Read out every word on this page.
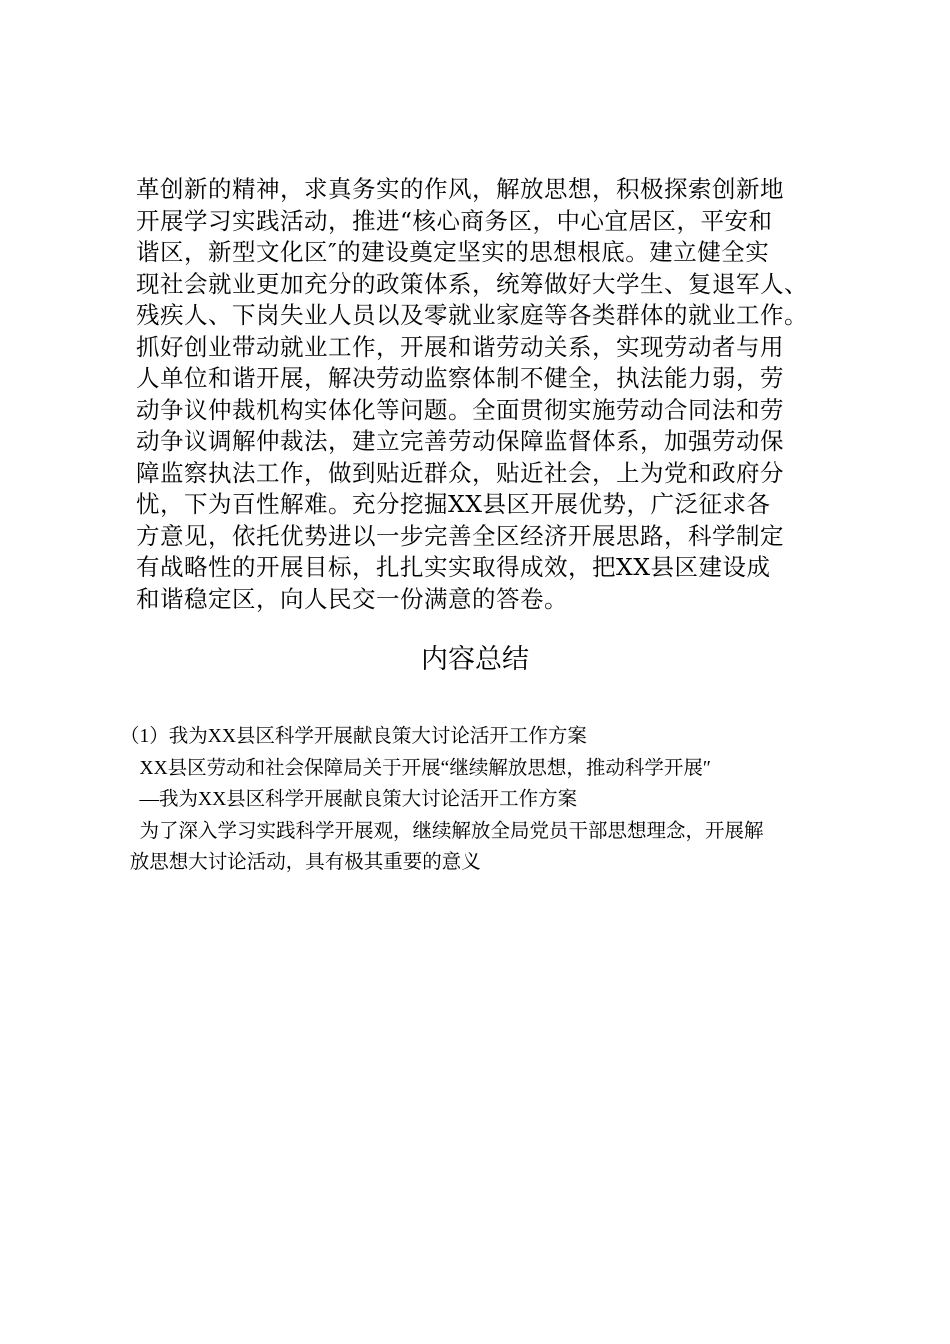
革创新的精神，求真务实的作风，解放思想，积极探索创新地
开展学习实践活动，推进“核心商务区，中心宜居区，平安和
谐区，新型文化区″的建设奠定坚实的思想根底。建立健全实
现社会就业更加充分的政策体系，统筹做好大学生、复退军人、
残疾人、下岗失业人员以及零就业家庭等各类群体的就业工作。
抓好创业带动就业工作，开展和谐劳动关系，实现劳动者与用
人单位和谐开展，解决劳动监察体制不健全，执法能力弱，劳
动争议仲裁机构实体化等问题。全面贯彻实施劳动合同法和劳
动争议调解仲裁法，建立完善劳动保障监督体系，加强劳动保
障监察执法工作，做到贴近群众，贴近社会，上为党和政府分
忧，下为百性解难。充分挖掘XX县区开展优势，广泛征求各
方意见，依托优势进以一步完善全区经济开展思路，科学制定
有战略性的开展目标，扎扎实实取得成效，把XX县区建设成
和谐稳定区，向人民交一份满意的答卷。
内容总结
（1）我为XX县区科学开展献良策大讨论活开工作方案
XX县区劳动和社会保障局关于开展“继续解放思想，推动科学开展″
—我为XX县区科学开展献良策大讨论活开工作方案
为了深入学习实践科学开展观，继续解放全局党员干部思想理念，开展解
放思想大讨论活动，具有极其重要的意义
